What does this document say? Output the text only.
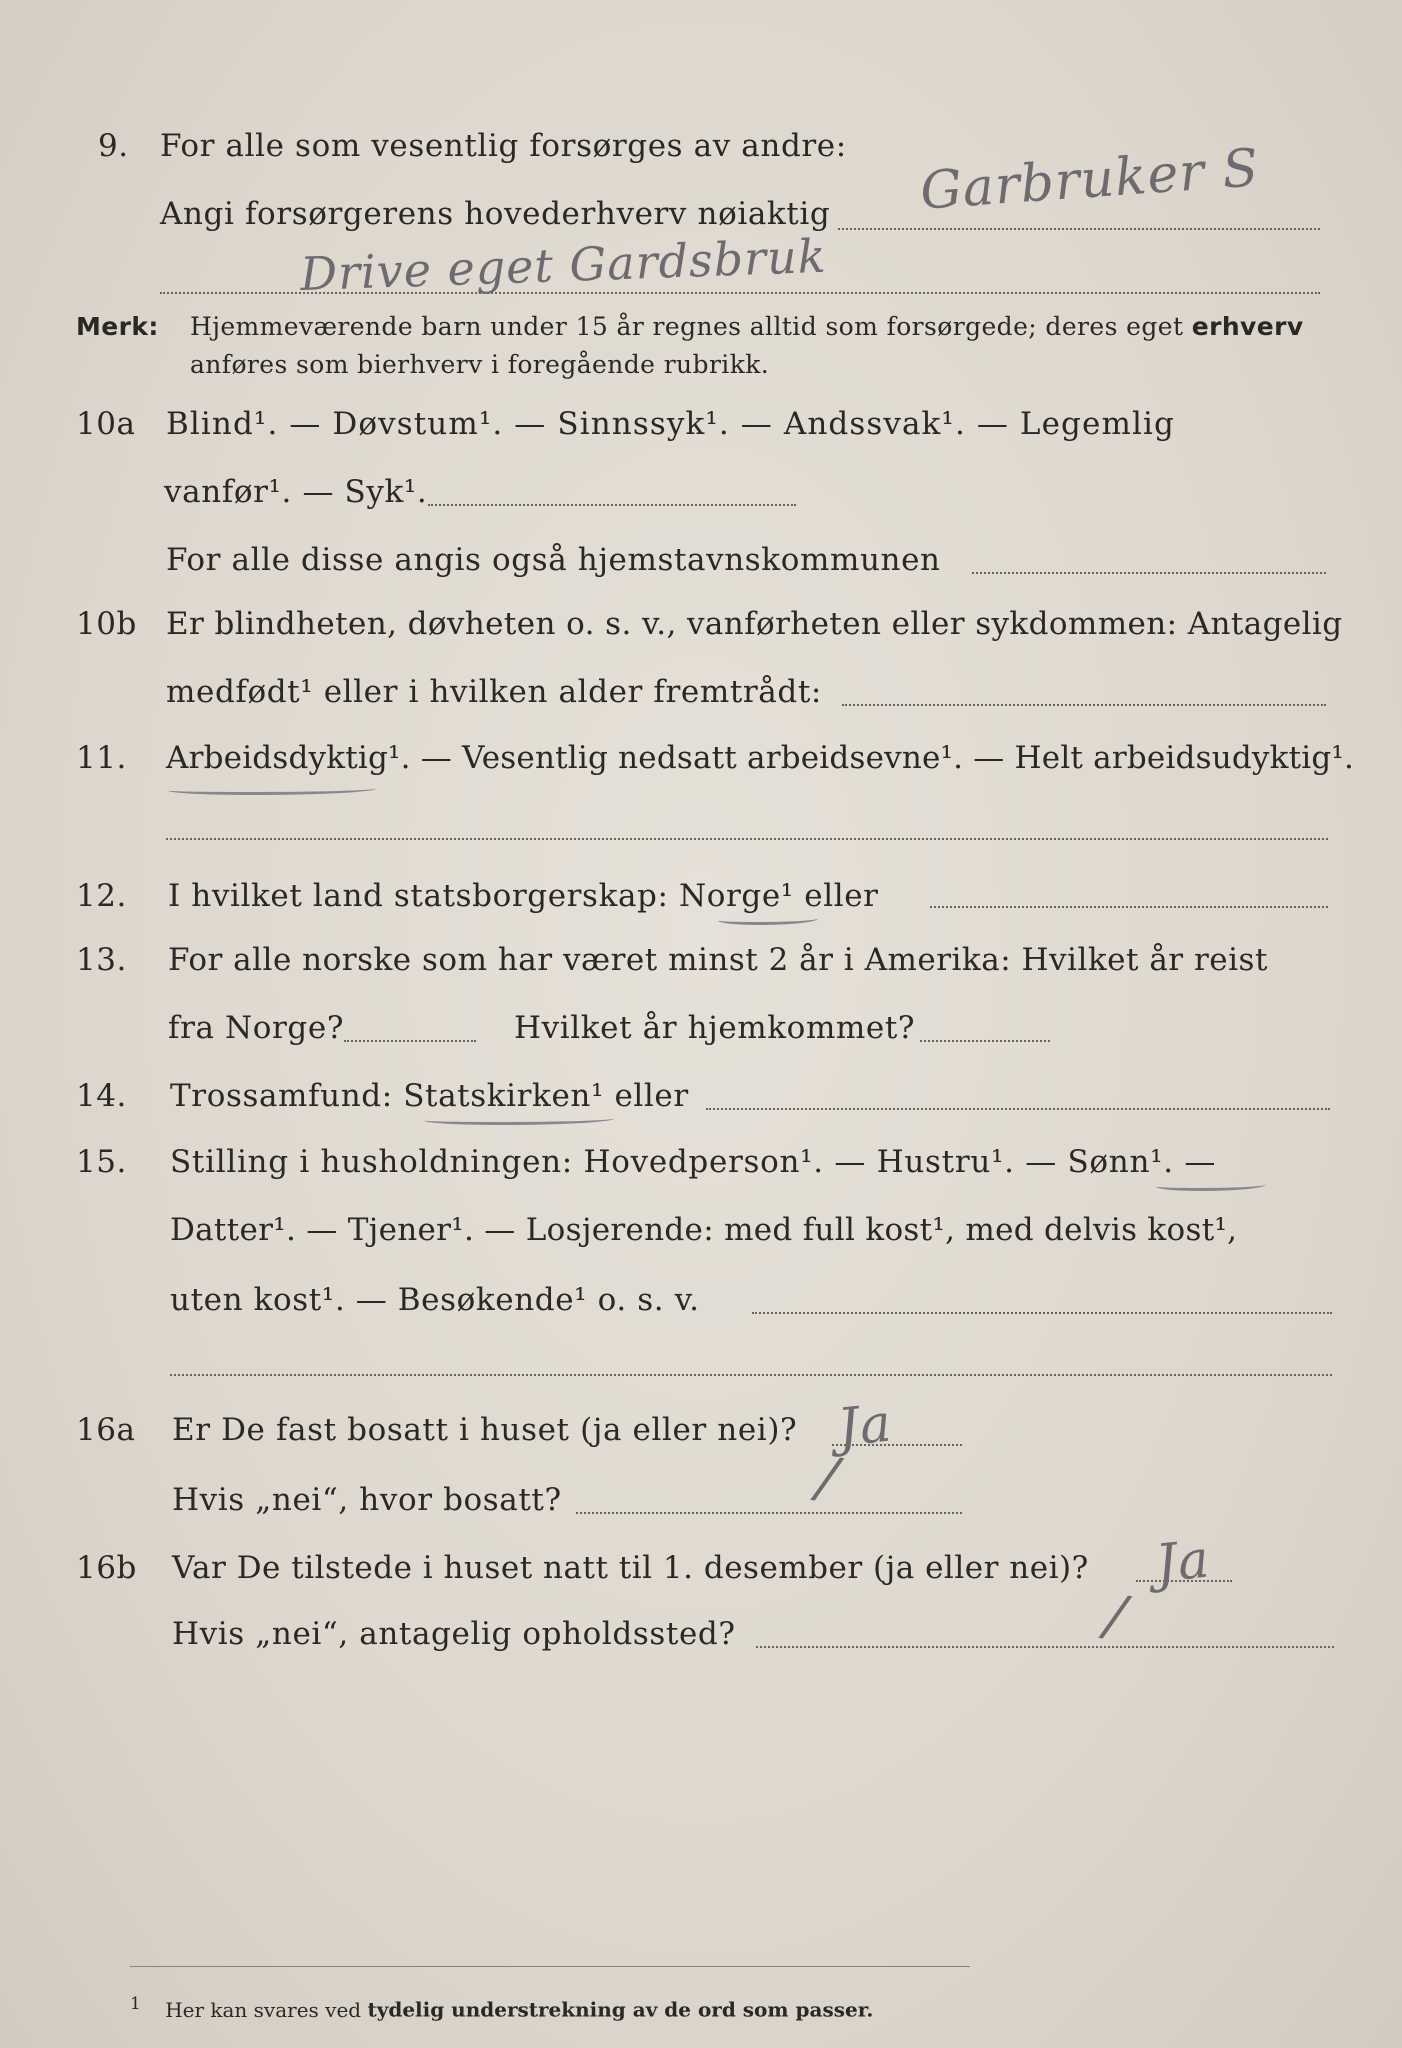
9. For alle som vesentlig forsørges av andre:
Angi forsørgerens hovederhverv nøiaktig Garbruker S
Drive eget Gardsbruk
Merk: Hjemmeværende barn under 15 år regnes alltid som forsørgede; deres eget erhverv
anføres som bierhverv i foregående rubrikk.
10a Blind¹. — Døvstum¹. — Sinnssyk¹. — Andssvak¹. — Legemlig
vanfør¹. — Syk¹.
For alle disse angis også hjemstavnskommunen
10b Er blindheten, døvheten o. s. v., vanførheten eller sykdommen: Antagelig
medfødt¹ eller i hvilken alder fremtrådt:
11. Arbeidsdyktig¹. — Vesentlig nedsatt arbeidsevne¹. — Helt arbeidsudyktig¹.
12. I hvilket land statsborgerskap: Norge¹ eller
13. For alle norske som har været minst 2 år i Amerika: Hvilket år reist
fra Norge?	Hvilket år hjemkommet?
14. Trossamfund: Statskirken¹ eller
15. Stilling i husholdningen: Hovedperson¹. — Hustru¹. — Sønn¹. —
Datter¹. — Tjener¹. — Losjerende: med full kost¹, med delvis kost¹,
uten kost¹. — Besøkende¹ o. s. v.
16a Er De fast bosatt i huset (ja eller nei)? Ja
Hvis „nei“, hvor bosatt?	/
16b Var De tilstede i huset natt til 1. desember (ja eller nei)? Ja
Hvis „nei“, antagelig opholdssted?	/
$^1$ Her kan svares ved tydelig understrekning av de ord som passer.
